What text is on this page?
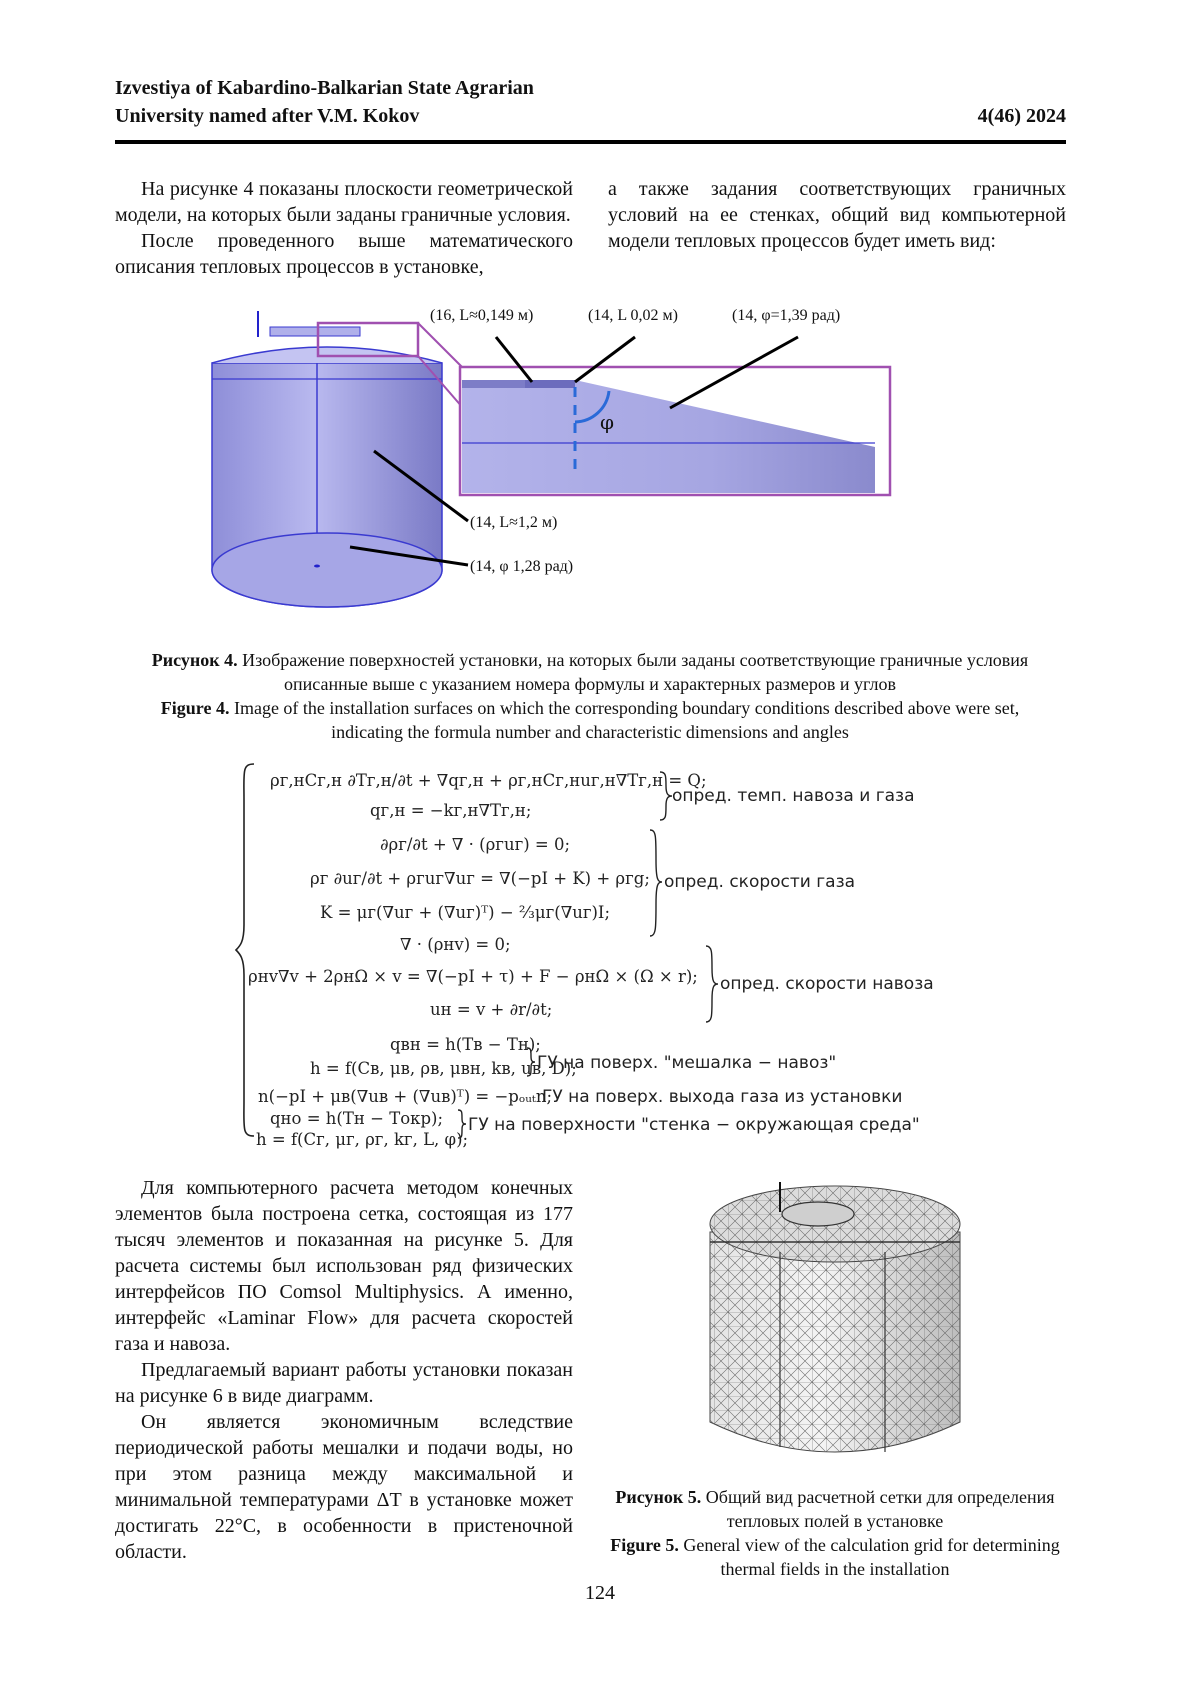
Izvestiya of Kabardino-Balkarian State Agrarian
University named after V.M. Kokov	4(46) 2024

На рисунке 4 показаны плоскости геометрической модели, на которых были заданы граничные условия.

После проведенного выше математического описания тепловых процессов в установке,

а также задания соответствующих граничных условий на ее стенках, общий вид компьютерной модели тепловых процессов будет иметь вид:

φ
(16, L≈0,149 м)	(14, L 0,02 м)	(14, φ=1,39 рад)
(14, L≈1,2 м)
(14, φ 1,28 рад)
Рисунок 4. Изображение поверхностей установки, на которых были заданы соответствующие граничные условия описанные выше с указанием номера формулы и характерных размеров и углов
Figure 4. Image of the installation surfaces on which the corresponding boundary conditions described above were set, indicating the formula number and characteristic dimensions and angles
ρг,нCг,н ∂Tг,н/∂t + ∇qг,н + ρг,нCг,нuг,н∇Tг,н = Q;
qг,н = −kг,н∇Tг,н;
∂ρг/∂t + ∇ · (ρгuг) = 0;
ρг ∂uг/∂t + ρгuг∇uг = ∇(−pI + K) + ρгg;
K = μг(∇uг + (∇uг)ᵀ) − ⅔μг(∇uг)I;
∇ · (ρнv) = 0;
ρнv∇v + 2ρнΩ × v = ∇(−pI + τ) + F − ρнΩ × (Ω × r);
uн = v + ∂r/∂t;
qвн = h(Tв − Tн);
h = f(Cв, μв, ρв, μвн, kв, uв, D);
n(−pI + μв(∇uв + (∇uв)ᵀ) = −pₒᵤₜn;
qно = h(Tн − Tокр);
h = f(Cг, μг, ρг, kг, L, φ);
опред. темп. навоза и газа
опред. скорости газа
опред. скорости навоза
ГУ на поверх. "мешалка − навоз"
ГУ на поверх. выхода газа из установки
ГУ на поверхности "стенка − окружающая среда"

Для компьютерного расчета методом конечных элементов была построена сетка, состоящая из 177 тысяч элементов и показанная на рисунке 5. Для расчета системы был использован ряд физических интерфейсов ПО Comsol Multiphysics. А именно, интерфейс «Laminar Flow» для расчета скоростей газа и навоза.

Предлагаемый вариант работы установки показан на рисунке 6 в виде диаграмм.

Он является экономичным вследствие периодической работы мешалки и подачи воды, но при этом разница между максимальной и минимальной температурами ΔT в установке может достигать 22°С, в особенности в пристеночной области.

Рисунок 5. Общий вид расчетной сетки для определения тепловых полей в установке
Figure 5. General view of the calculation grid for determining thermal fields in the installation
124
